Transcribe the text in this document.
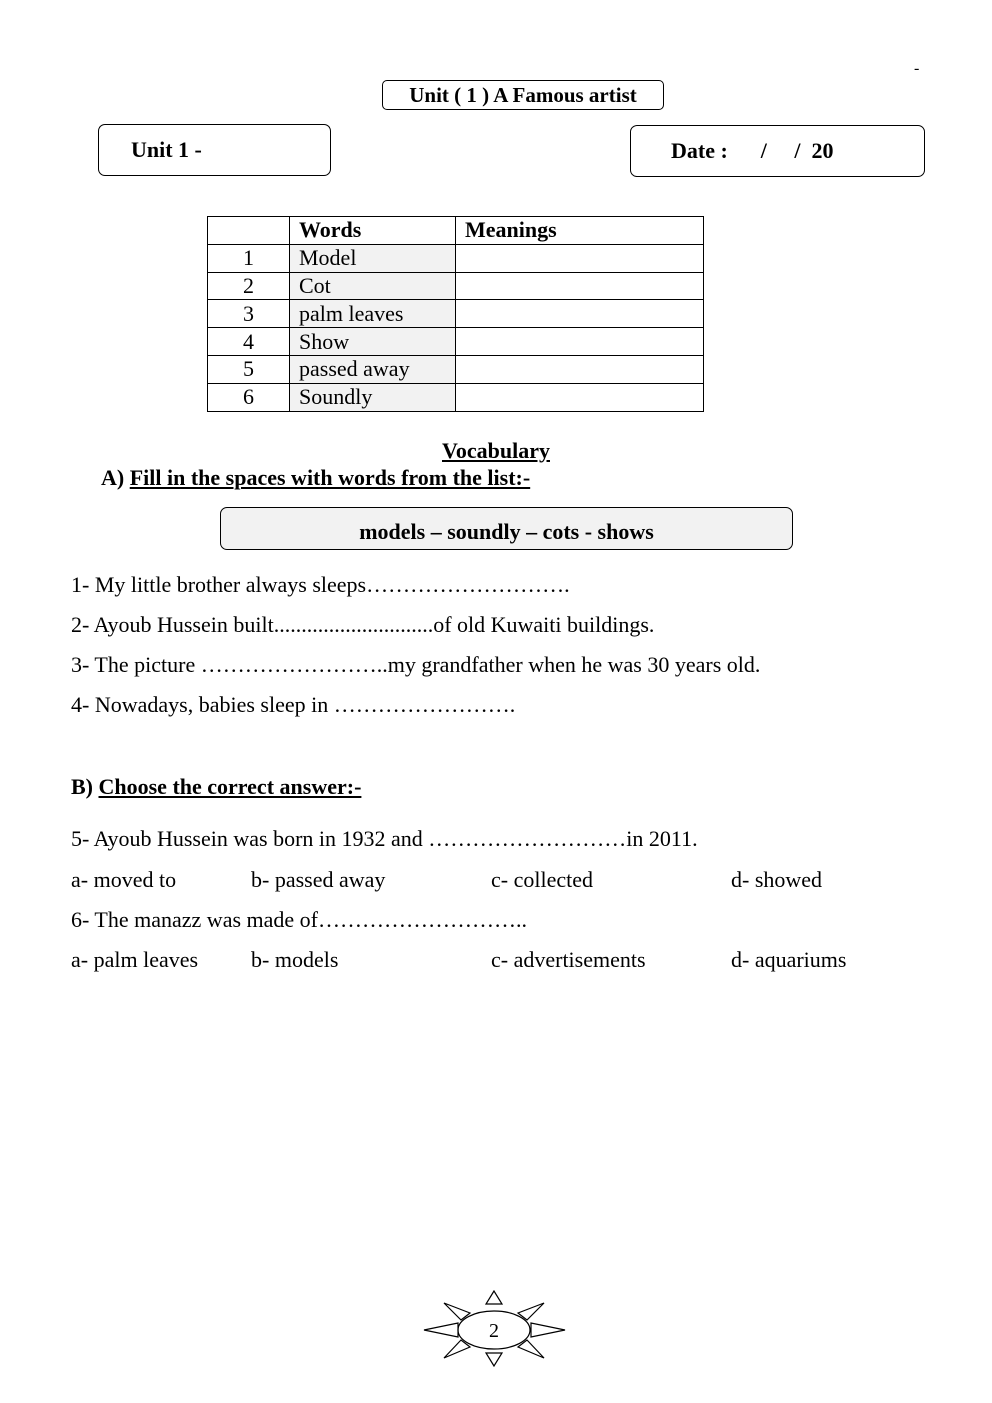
-
Unit ( 1 ) A Famous artist
Unit 1 -	Date :      /     /  20
	Words	Meanings
1	Model	
2	Cot	
3	palm leaves	
4	Show	
5	passed away	
6	Soundly	
Vocabulary
A) Fill in the spaces with words from the list:-
models – soundly – cots - shows
1- My little brother always sleeps……………………….
2- Ayoub Hussein built.............................of old Kuwaiti buildings.
3- The picture ……………………..my grandfather when he was 30 years old.
4- Nowadays, babies sleep in …………………….
B) Choose the correct answer:-
5- Ayoub Hussein was born in 1932 and ………………………in 2011.
a- moved to	b- passed away	c- collected	d- showed
6- The manazz was made of………………………..
a- palm leaves b- models	c- advertisements	d- aquariums
2
